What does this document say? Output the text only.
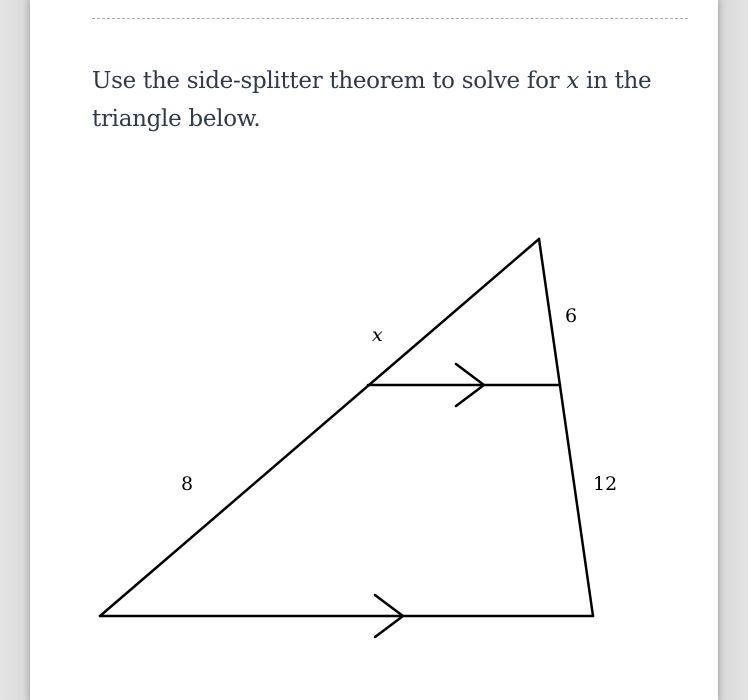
Use the side-splitter theorem to solve for x in the triangle below.

x
8
6
12
